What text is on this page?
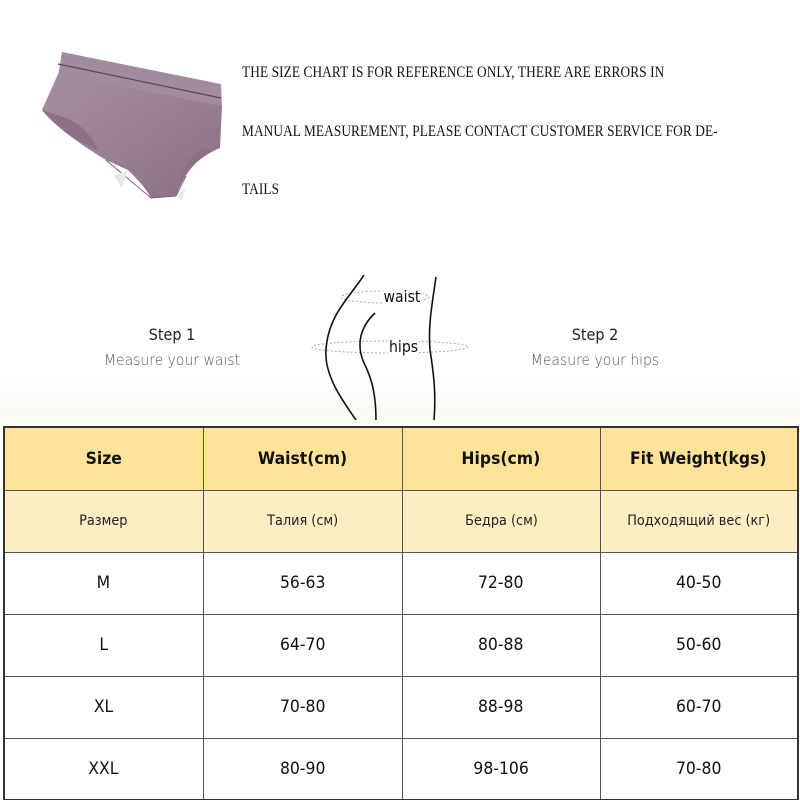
THE SIZE CHART IS FOR REFERENCE ONLY, THERE ARE ERRORS IN
MANUAL MEASUREMENT, PLEASE CONTACT CUSTOMER SERVICE FOR DE-
TAILS
Step 1
Measure your waist
waist
hips
Step 2
Measure your hips
Size	Waist(cm)	Hips(cm)	Fit Weight(kgs)
Размер	Талия (см)	Бедра (см)	Подходящий вес (кг)
M	56-63	72-80	40-50
L	64-70	80-88	50-60
XL	70-80	88-98	60-70
XXL	80-90	98-106	70-80
